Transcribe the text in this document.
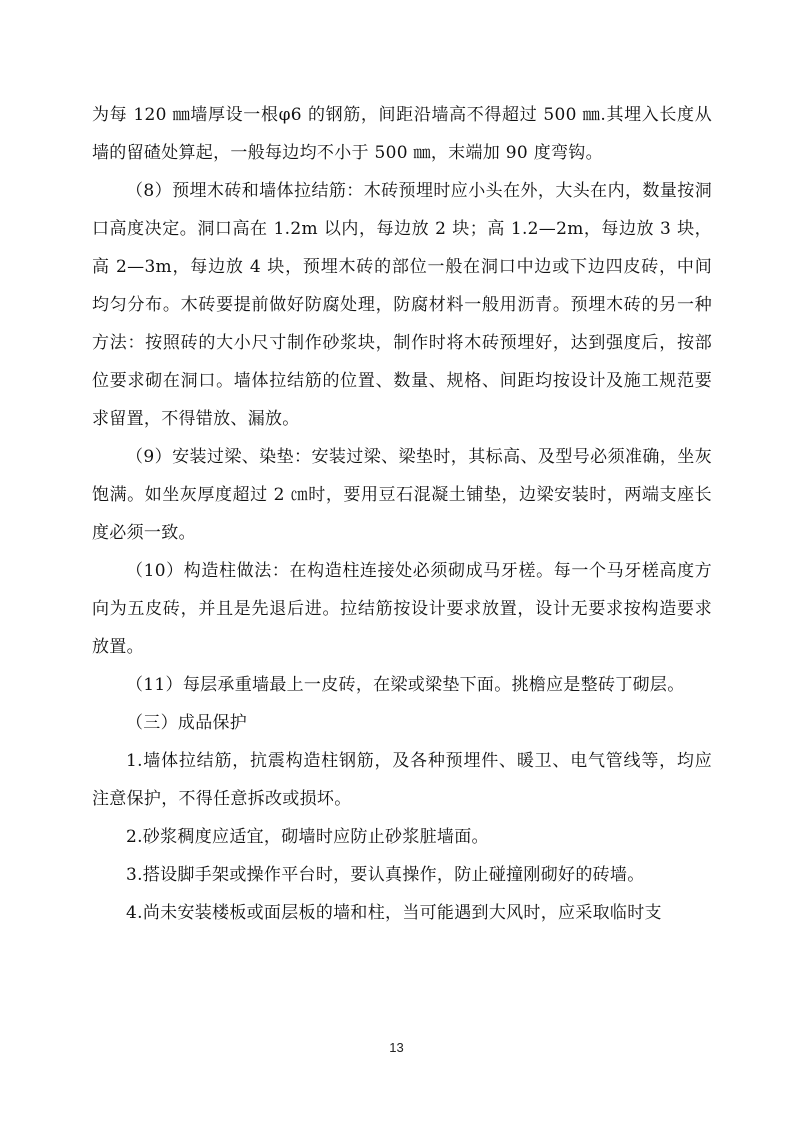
为每 120 ㎜墙厚设一根φ6 的钢筋，间距沿墙高不得超过 500 ㎜.其埋入长度从墙的留碴处算起，一般每边均不小于 500 ㎜，末端加 90 度弯钩。

（8）预埋木砖和墙体拉结筋：木砖预埋时应小头在外，大头在内，数量按洞口高度决定。洞口高在 1.2m 以内，每边放 2 块；高 1.2—2m，每边放 3 块，高 2—3m，每边放 4 块，预埋木砖的部位一般在洞口中边或下边四皮砖，中间均匀分布。木砖要提前做好防腐处理，防腐材料一般用沥青。预埋木砖的另一种方法：按照砖的大小尺寸制作砂浆块，制作时将木砖预埋好，达到强度后，按部位要求砌在洞口。墙体拉结筋的位置、数量、规格、间距均按设计及施工规范要求留置，不得错放、漏放。

（9）安装过梁、染垫：安装过梁、梁垫时，其标高、及型号必须准确，坐灰饱满。如坐灰厚度超过 2 ㎝时，要用豆石混凝土铺垫，边梁安装时，两端支座长度必须一致。

（10）构造柱做法：在构造柱连接处必须砌成马牙槎。每一个马牙槎高度方向为五皮砖，并且是先退后进。拉结筋按设计要求放置，设计无要求按构造要求放置。

（11）每层承重墙最上一皮砖，在梁或梁垫下面。挑檐应是整砖丁砌层。

（三）成品保护

1.墙体拉结筋，抗震构造柱钢筋，及各种预埋件、暖卫、电气管线等，均应注意保护，不得任意拆改或损坏。

2.砂浆稠度应适宜，砌墙时应防止砂浆脏墙面。

3.搭设脚手架或操作平台时，要认真操作，防止碰撞刚砌好的砖墙。

4.尚未安装楼板或面层板的墙和柱，当可能遇到大风时，应采取临时支

13
